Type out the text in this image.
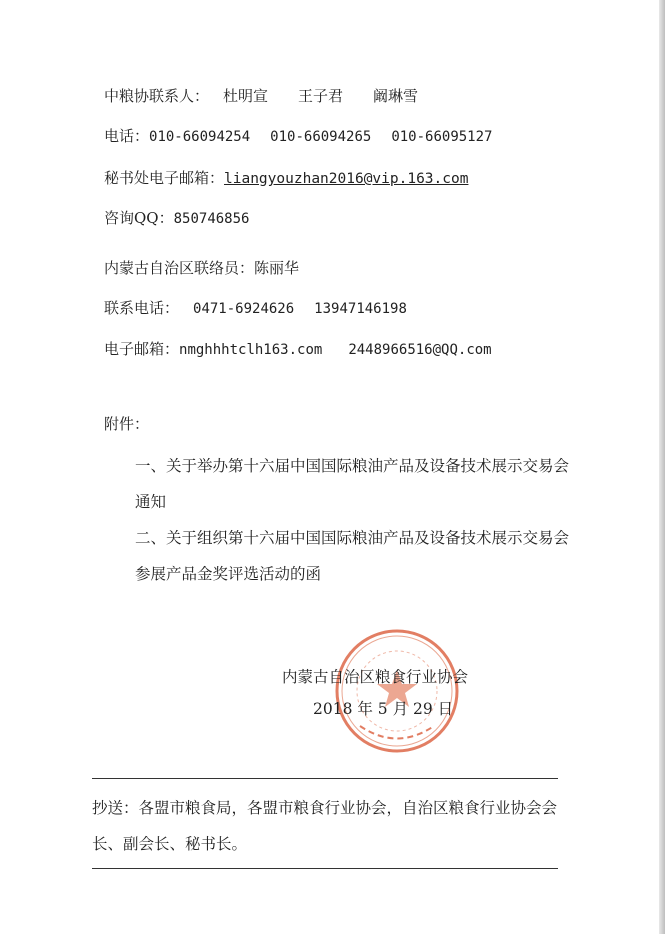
中粮协联系人： 杜明宣 王子君 阚琳雪
电话：010-66094254 010-66094265 010-66095127
秘书处电子邮箱：liangyouzhan2016@vip.163.com
咨询QQ：850746856
内蒙古自治区联络员：陈丽华
联系电话： 0471-6924626 13947146198
电子邮箱：nmghhhtclh163.com 2448966516@QQ.com
附件：
一、关于举办第十六届中国国际粮油产品及设备技术展示交易会通知
二、关于组织第十六届中国国际粮油产品及设备技术展示交易会参展产品金奖评选活动的函
内蒙古自治区粮食行业协会
2018 年 5 月 29 日
抄送：各盟市粮食局，各盟市粮食行业协会，自治区粮食行业协会会长、副会长、秘书长。
